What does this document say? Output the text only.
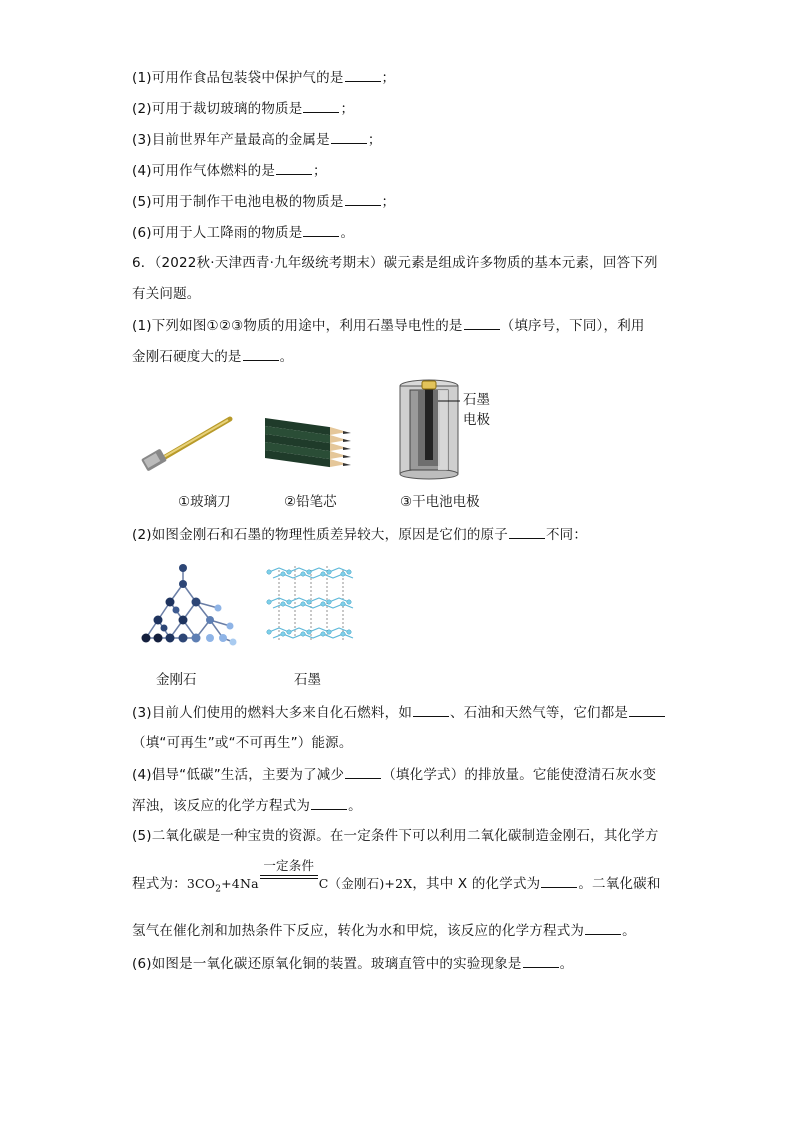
(1)可用作食品包装袋中保护气的是	；
(2)可用于裁切玻璃的物质是	；
(3)目前世界年产量最高的金属是	；
(4)可用作气体燃料的是	；
(5)可用于制作干电池电极的物质是	；
(6)可用于人工降雨的物质是	。
6．（2022秋·天津西青·九年级统考期末）碳元素是组成许多物质的基本元素，回答下列
有关问题。
(1)下列如图①②③物质的用途中，利用石墨导电性的是	（填序号，下同），利用
金刚石硬度大的是	。
①玻璃刀	②铅笔芯
石墨
电极
③干电池电极
(2)如图金刚石和石墨的物理性质差异较大，原因是它们的原子	不同：
金刚石	石墨
(3)目前人们使用的燃料大多来自化石燃料，如	、石油和天然气等，它们都是
（填“可再生”或“不可再生”）能源。
(4)倡导“低碳”生活，主要为了减少	（填化学式）的排放量。它能使澄清石灰水变
浑浊，该反应的化学方程式为	。
(5)二氧化碳是一种宝贵的资源。在一定条件下可以利用二氧化碳制造金刚石，其化学方
程式为：$3CO_2+4Na$
一定条件
C（金刚石)+2X，其中 X 的化学式为	。二氧化碳和
氢气在催化剂和加热条件下反应，转化为水和甲烷，该反应的化学方程式为	。
(6)如图是一氧化碳还原氧化铜的装置。玻璃直管中的实验现象是	。
